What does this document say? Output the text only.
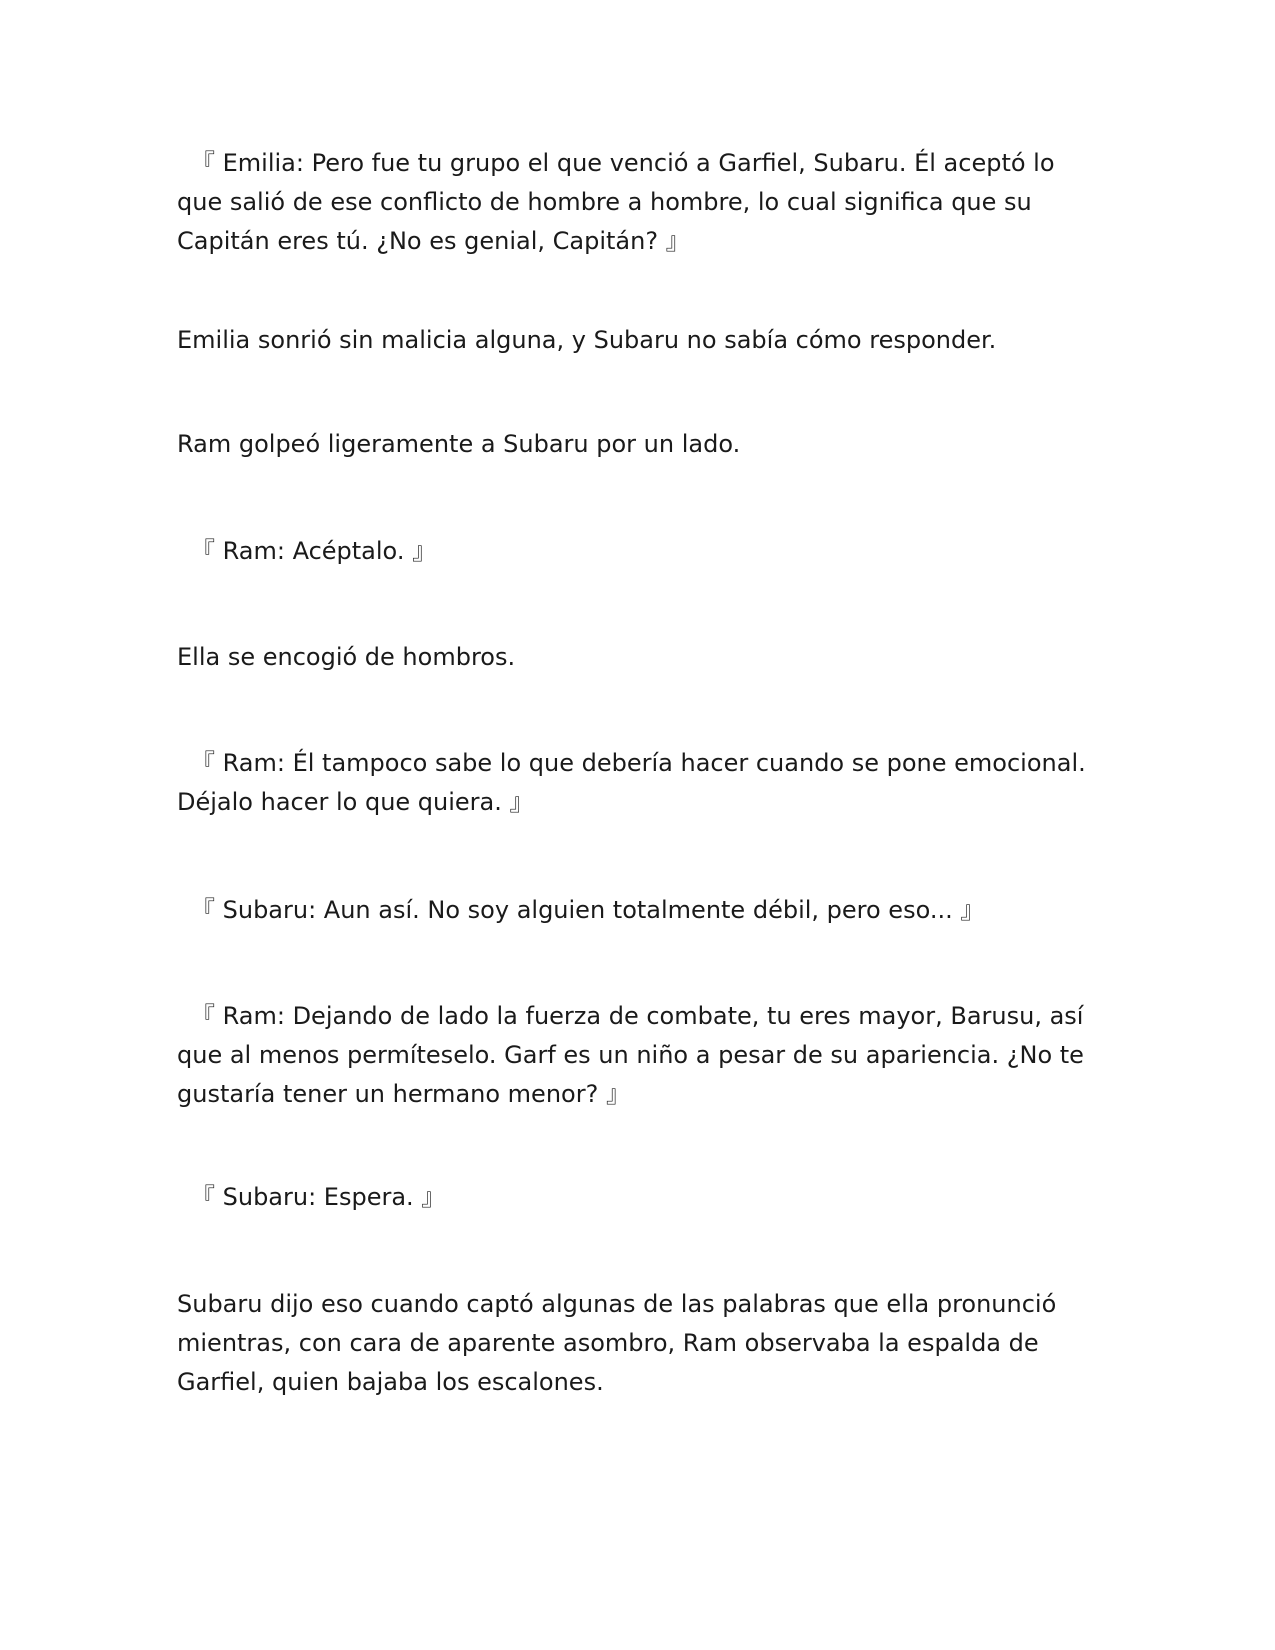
『 Emilia: Pero fue tu grupo el que venció a Garfiel, Subaru. Él aceptó lo que salió de ese conflicto de hombre a hombre, lo cual significa que su Capitán eres tú. ¿No es genial, Capitán? 』

Emilia sonrió sin malicia alguna, y Subaru no sabía cómo responder.

Ram golpeó ligeramente a Subaru por un lado.

『 Ram: Acéptalo. 』

Ella se encogió de hombros.

『 Ram: Él tampoco sabe lo que debería hacer cuando se pone emocional. Déjalo hacer lo que quiera. 』

『 Subaru: Aun así. No soy alguien totalmente débil, pero eso... 』

『 Ram: Dejando de lado la fuerza de combate, tu eres mayor, Barusu, así que al menos permíteselo. Garf es un niño a pesar de su apariencia. ¿No te gustaría tener un hermano menor? 』

『 Subaru: Espera. 』

Subaru dijo eso cuando captó algunas de las palabras que ella pronunció mientras, con cara de aparente asombro, Ram observaba la espalda de Garfiel, quien bajaba los escalones.
